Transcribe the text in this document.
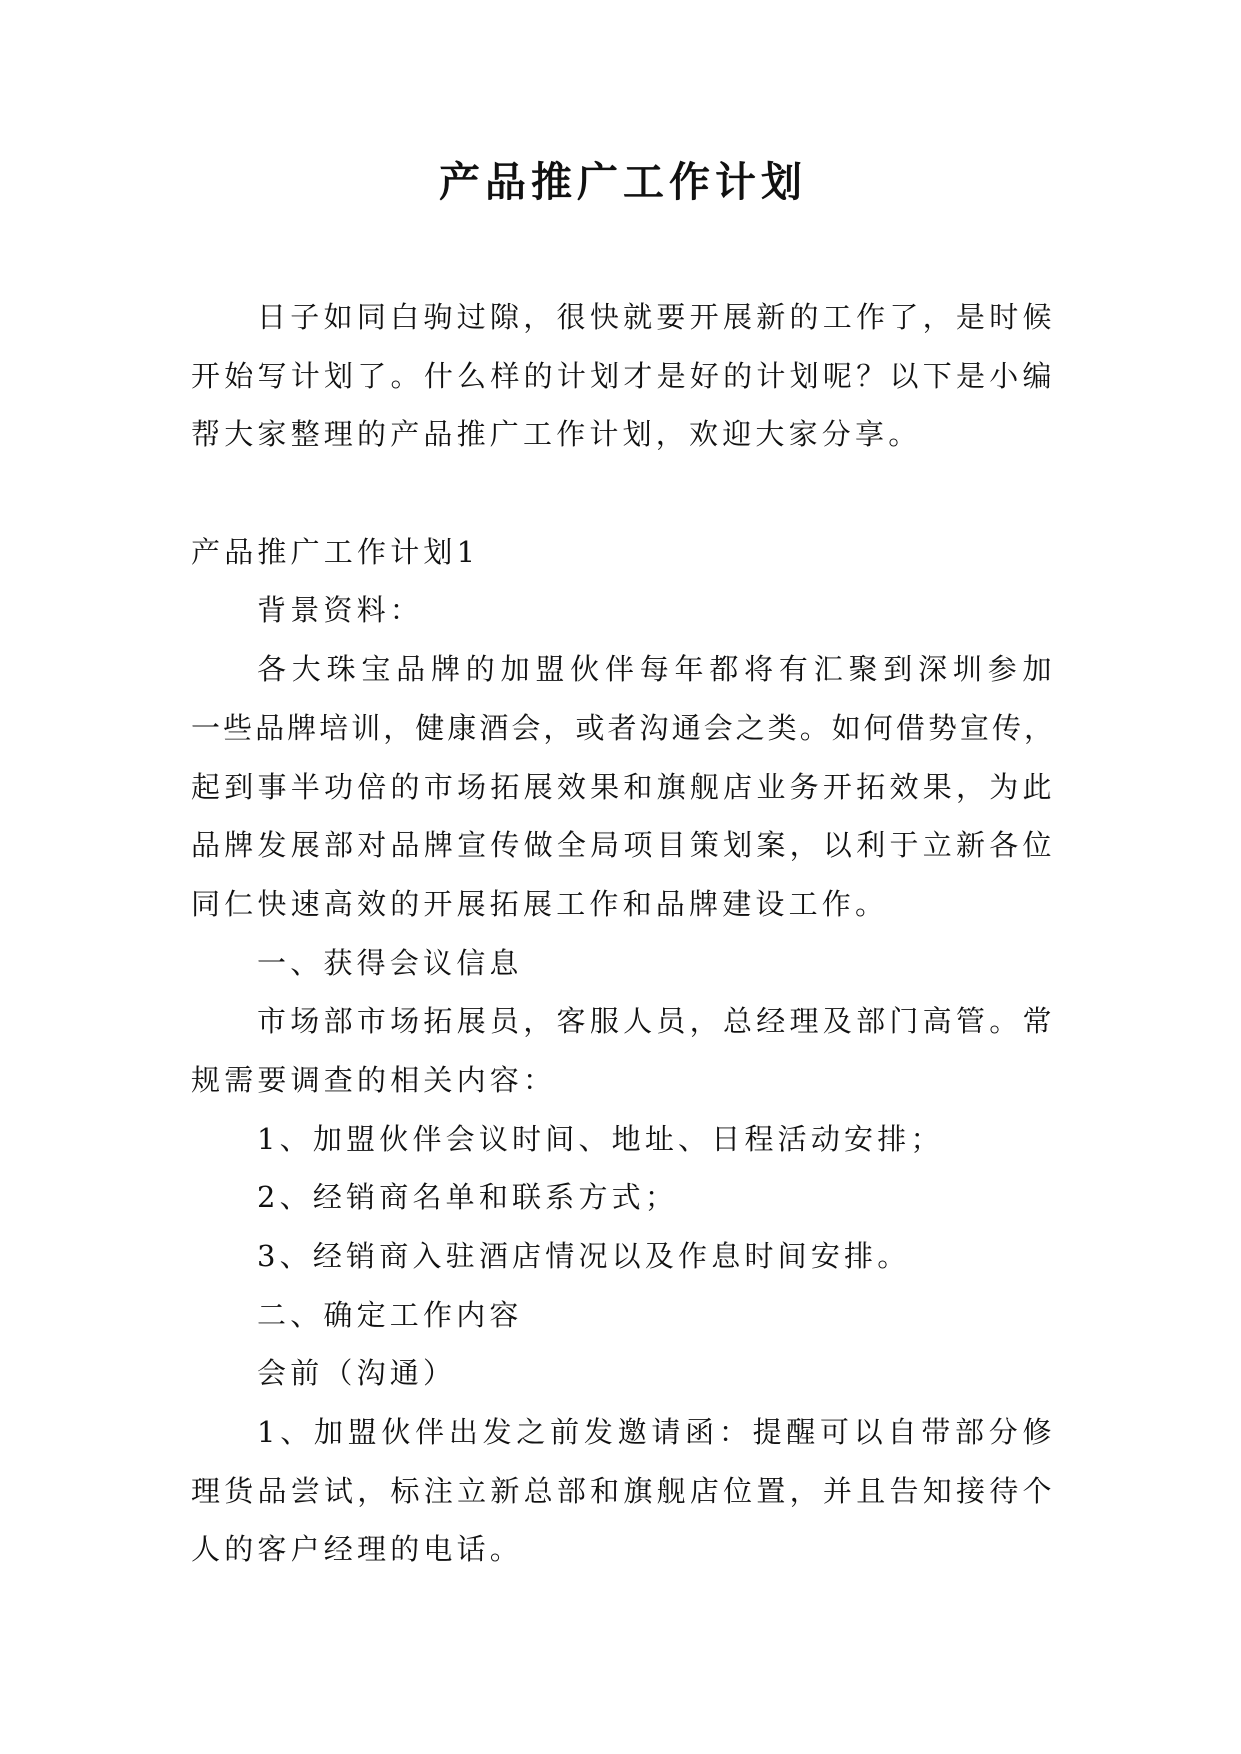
产品推广工作计划
日子如同白驹过隙，很快就要开展新的工作了，是时候
开始写计划了。什么样的计划才是好的计划呢？以下是小编
帮大家整理的产品推广工作计划，欢迎大家分享。
产品推广工作计划1
背景资料：
各大珠宝品牌的加盟伙伴每年都将有汇聚到深圳参加
一些品牌培训，健康酒会，或者沟通会之类。如何借势宣传，
起到事半功倍的市场拓展效果和旗舰店业务开拓效果，为此
品牌发展部对品牌宣传做全局项目策划案，以利于立新各位
同仁快速高效的开展拓展工作和品牌建设工作。
一、获得会议信息
市场部市场拓展员，客服人员，总经理及部门高管。常
规需要调查的相关内容：
1、加盟伙伴会议时间、地址、日程活动安排；
2、经销商名单和联系方式；
3、经销商入驻酒店情况以及作息时间安排。
二、确定工作内容
会前（沟通）
1、加盟伙伴出发之前发邀请函：提醒可以自带部分修
理货品尝试，标注立新总部和旗舰店位置，并且告知接待个
人的客户经理的电话。
